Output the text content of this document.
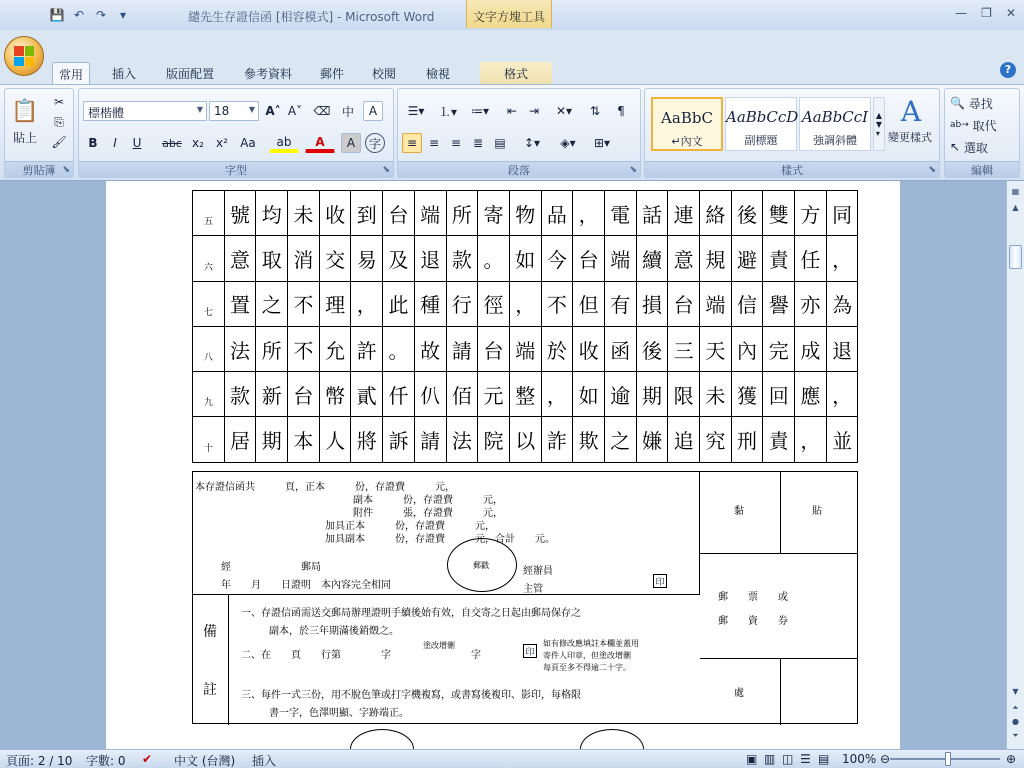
💾 ↶ ↷	▾	繾先生存證信函 [相容模式] - Microsoft Word	文字方塊工具	— ❐ ✕
常用	插入	版面配置	參考資料	郵件	校閱	檢視	格式	?
📋
貼上
✂
⎘
🖌
剪貼簿 ⬊
標楷體	▼ 18 ▼ A˄ A˅ ⌫ 中	A
B	I	U	abc x₂	x²	Aa	ab	A	A	字
字型	⬊
☰▾	⒈▾	≔▾	⇤ ⇥	✕▾	⇅	¶
≡ ≡ ≡ ≣ ▤	↕▾	◈▾	⊞▾
段落	⬊
AaBbC
↵內文
AaBbCcD
副標題
AaBbCcI
強調斜體
▲
▼
▾
A
變更樣式
樣式	⬊
🔍
尋找
ab→
取代
↖
選取
編輯
五	號	均	未	收	到	台	端	所	寄	物	品	，	電	話	連	絡	後	雙	方	同
六	意	取	消	交	易	及	退	款	。	如	今	台	端	續	意	規	避	責	任	，
七	置	之	不	理	，	此	種	行	徑	，	不	但	有	損	台	端	信	譽	亦	為
八	法	所	不	允	許	。	故	請	台	端	於	收	函	後	三	天	內	完	成	退
九	款	新	台	幣	貳	仟	仈	佰	元	整	，	如	逾	期	限	未	獲	回	應	，
十	居	期	本	人	將	訴	請	法	院	以	詐	欺	之	嫌	追	究	刑	責	，	並
本存證信函共　　　頁，正本　　　份，存證費　　　元，
副本　　　份，存證費　　　元，
附件　　　張，存證費　　　元，
加具正本　　　份，存證費　　　元，
加具副本　　　份，存證費　　　元，合計　　元。
經	郵局
年　　月　　日證明　本內容完全相同
郵戳
經辦員
主管
印
黏	貼
郵　　票　　或
郵　　資　　券
處
備
註
一、存證信函需送交郵局辦理證明手續後始有效，自交寄之日起由郵局保存之
副本，於三年期滿後銷燬之。
二、在　　頁　　行第　　　　字
塗改增刪
字	印
如有修改應填註本欄並蓋用
寄件人印章，但塗改增刪
每頁至多不得逾二十字。
三、每件一式三份，用不脫色筆或打字機複寫，或書寫後複印、影印，每格限
書一字，色澤明顯、字跡端正。
▦
▲
▼
⏶
●
⏷
頁面: 2 / 10 字數: 0 ✔ 中文 (台灣) 插入	▣ ▥ ◫ ☰ ▤ 100% ⊖	⊕
